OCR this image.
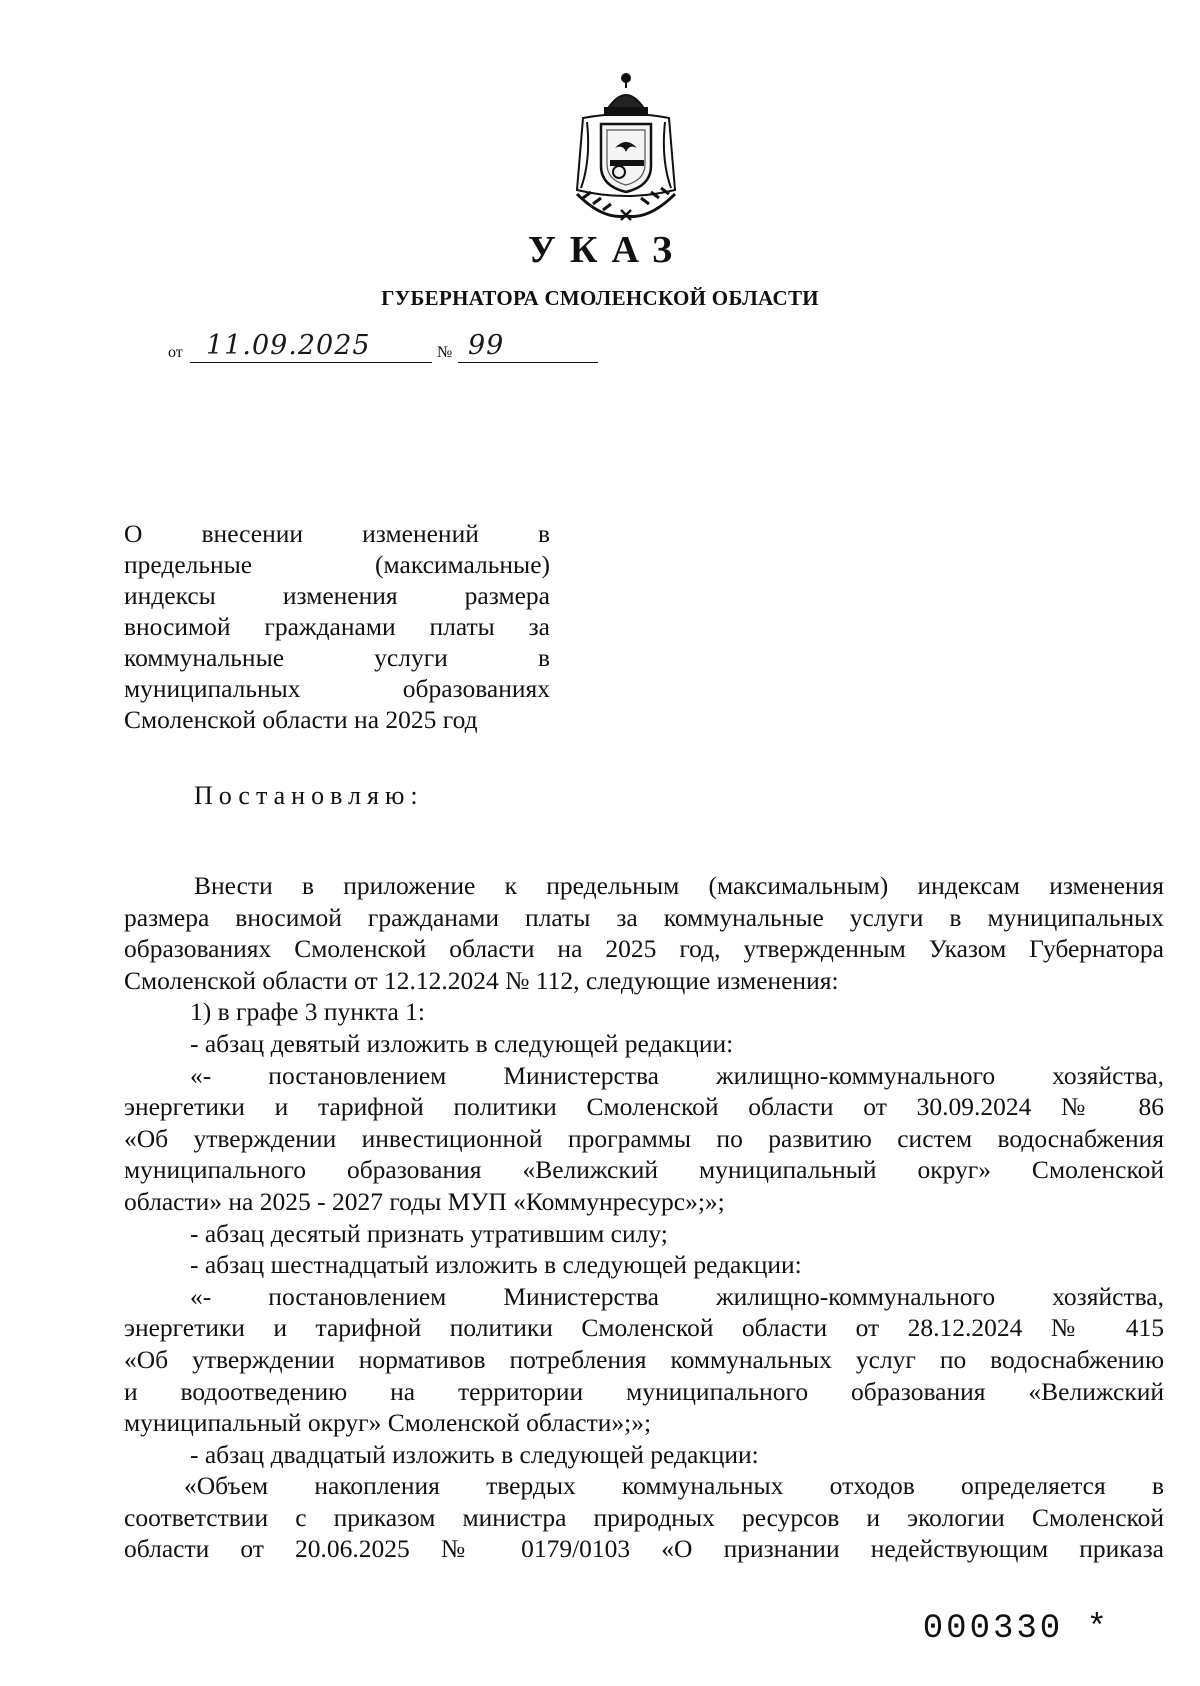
УКАЗ
ГУБЕРНАТОРА СМОЛЕНСКОЙ ОБЛАСТИ
от 11.09.2025	№ 99
О внесении изменений в
предельные (максимальные)
индексы изменения размера
вносимой гражданами платы за
коммунальные услуги в
муниципальных образованиях
Смоленской области на 2025 год
Постановляю:
Внести в приложение к предельным (максимальным) индексам изменения
размера вносимой гражданами платы за коммунальные услуги в муниципальных
образованиях Смоленской области на 2025 год, утвержденным Указом Губернатора
Смоленской области от 12.12.2024 № 112, следующие изменения:
1) в графе 3 пункта 1:
- абзац девятый изложить в следующей редакции:
«- постановлением Министерства жилищно-коммунального хозяйства,
энергетики и тарифной политики Смоленской области от 30.09.2024 № 86
«Об утверждении инвестиционной программы по развитию систем водоснабжения
муниципального образования «Велижский муниципальный округ» Смоленской
области» на 2025 - 2027 годы МУП «Коммунресурс»;»;
- абзац десятый признать утратившим силу;
- абзац шестнадцатый изложить в следующей редакции:
«- постановлением Министерства жилищно-коммунального хозяйства,
энергетики и тарифной политики Смоленской области от 28.12.2024 № 415
«Об утверждении нормативов потребления коммунальных услуг по водоснабжению
и водоотведению на территории муниципального образования «Велижский
муниципальный округ» Смоленской области»;»;
- абзац двадцатый изложить в следующей редакции:
«Объем накопления твердых коммунальных отходов определяется в
соответствии с приказом министра природных ресурсов и экологии Смоленской
области от 20.06.2025 № 0179/0103 «О признании недействующим приказа
000330 *
